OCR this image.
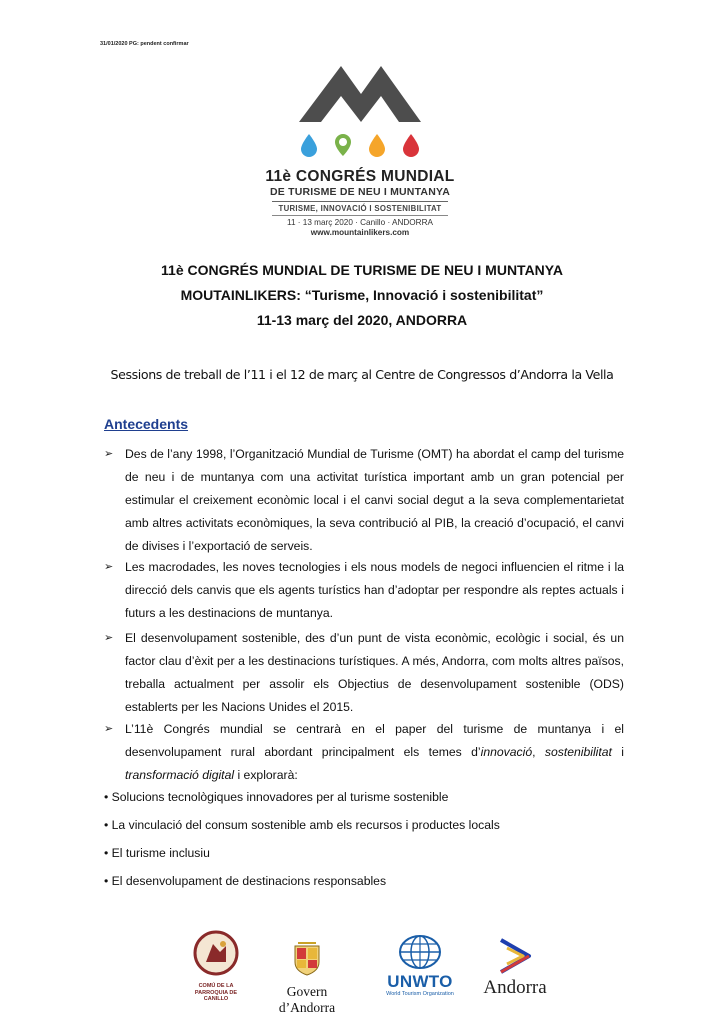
31/01/2020 PG: pendent confirmar
11è CONGRÉS MUNDIAL
DE TURISME DE NEU I MUNTANYA
TURISME, INNOVACIÓ I SOSTENIBILITAT
11 · 13 març 2020 · Canillo · ANDORRA
www.mountainlikers.com
11è CONGRÉS MUNDIAL DE TURISME DE NEU I MUNTANYA
MOUTAINLIKERS: “Turisme, Innovació i sostenibilitat”
11-13 març del 2020, ANDORRA
Sessions de treball de l’11 i el 12 de març al Centre de Congressos d’Andorra la Vella
Antecedents
➢ Des de l’any 1998, l’Organització Mundial de Turisme (OMT) ha abordat el camp del turisme de neu i de muntanya com una activitat turística important amb un gran potencial per estimular el creixement econòmic local i el canvi social degut a la seva complementarietat amb altres activitats econòmiques, la seva contribució al PIB, la creació d’ocupació, el canvi de divises i l’exportació de serveis.
➢ Les macrodades, les noves tecnologies i els nous models de negoci influencien el ritme i la direcció dels canvis que els agents turístics han d’adoptar per respondre als reptes actuals i futurs a les destinacions de muntanya.
➢ El desenvolupament sostenible, des d’un punt de vista econòmic, ecològic i social, és un factor clau d’èxit per a les destinacions turístiques. A més, Andorra, com molts altres països, treballa actualment per assolir els Objectius de desenvolupament sostenible (ODS) establerts per les Nacions Unides el 2015.
➢ L’11è Congrés mundial se centrarà en el paper del turisme de muntanya i el desenvolupament rural abordant principalment els temes d’innovació, sostenibilitat i transformació digital i explorarà:
• Solucions tecnològiques innovadores per al turisme sostenible
• La vinculació del consum sostenible amb els recursos i productes locals
• El turisme inclusiu
• El desenvolupament de destinacions responsables
COMÚ DE LA PARROQUIA DE CANILLO	Govern d’Andorra
UNWTO
World Tourism Organization	Andorra
